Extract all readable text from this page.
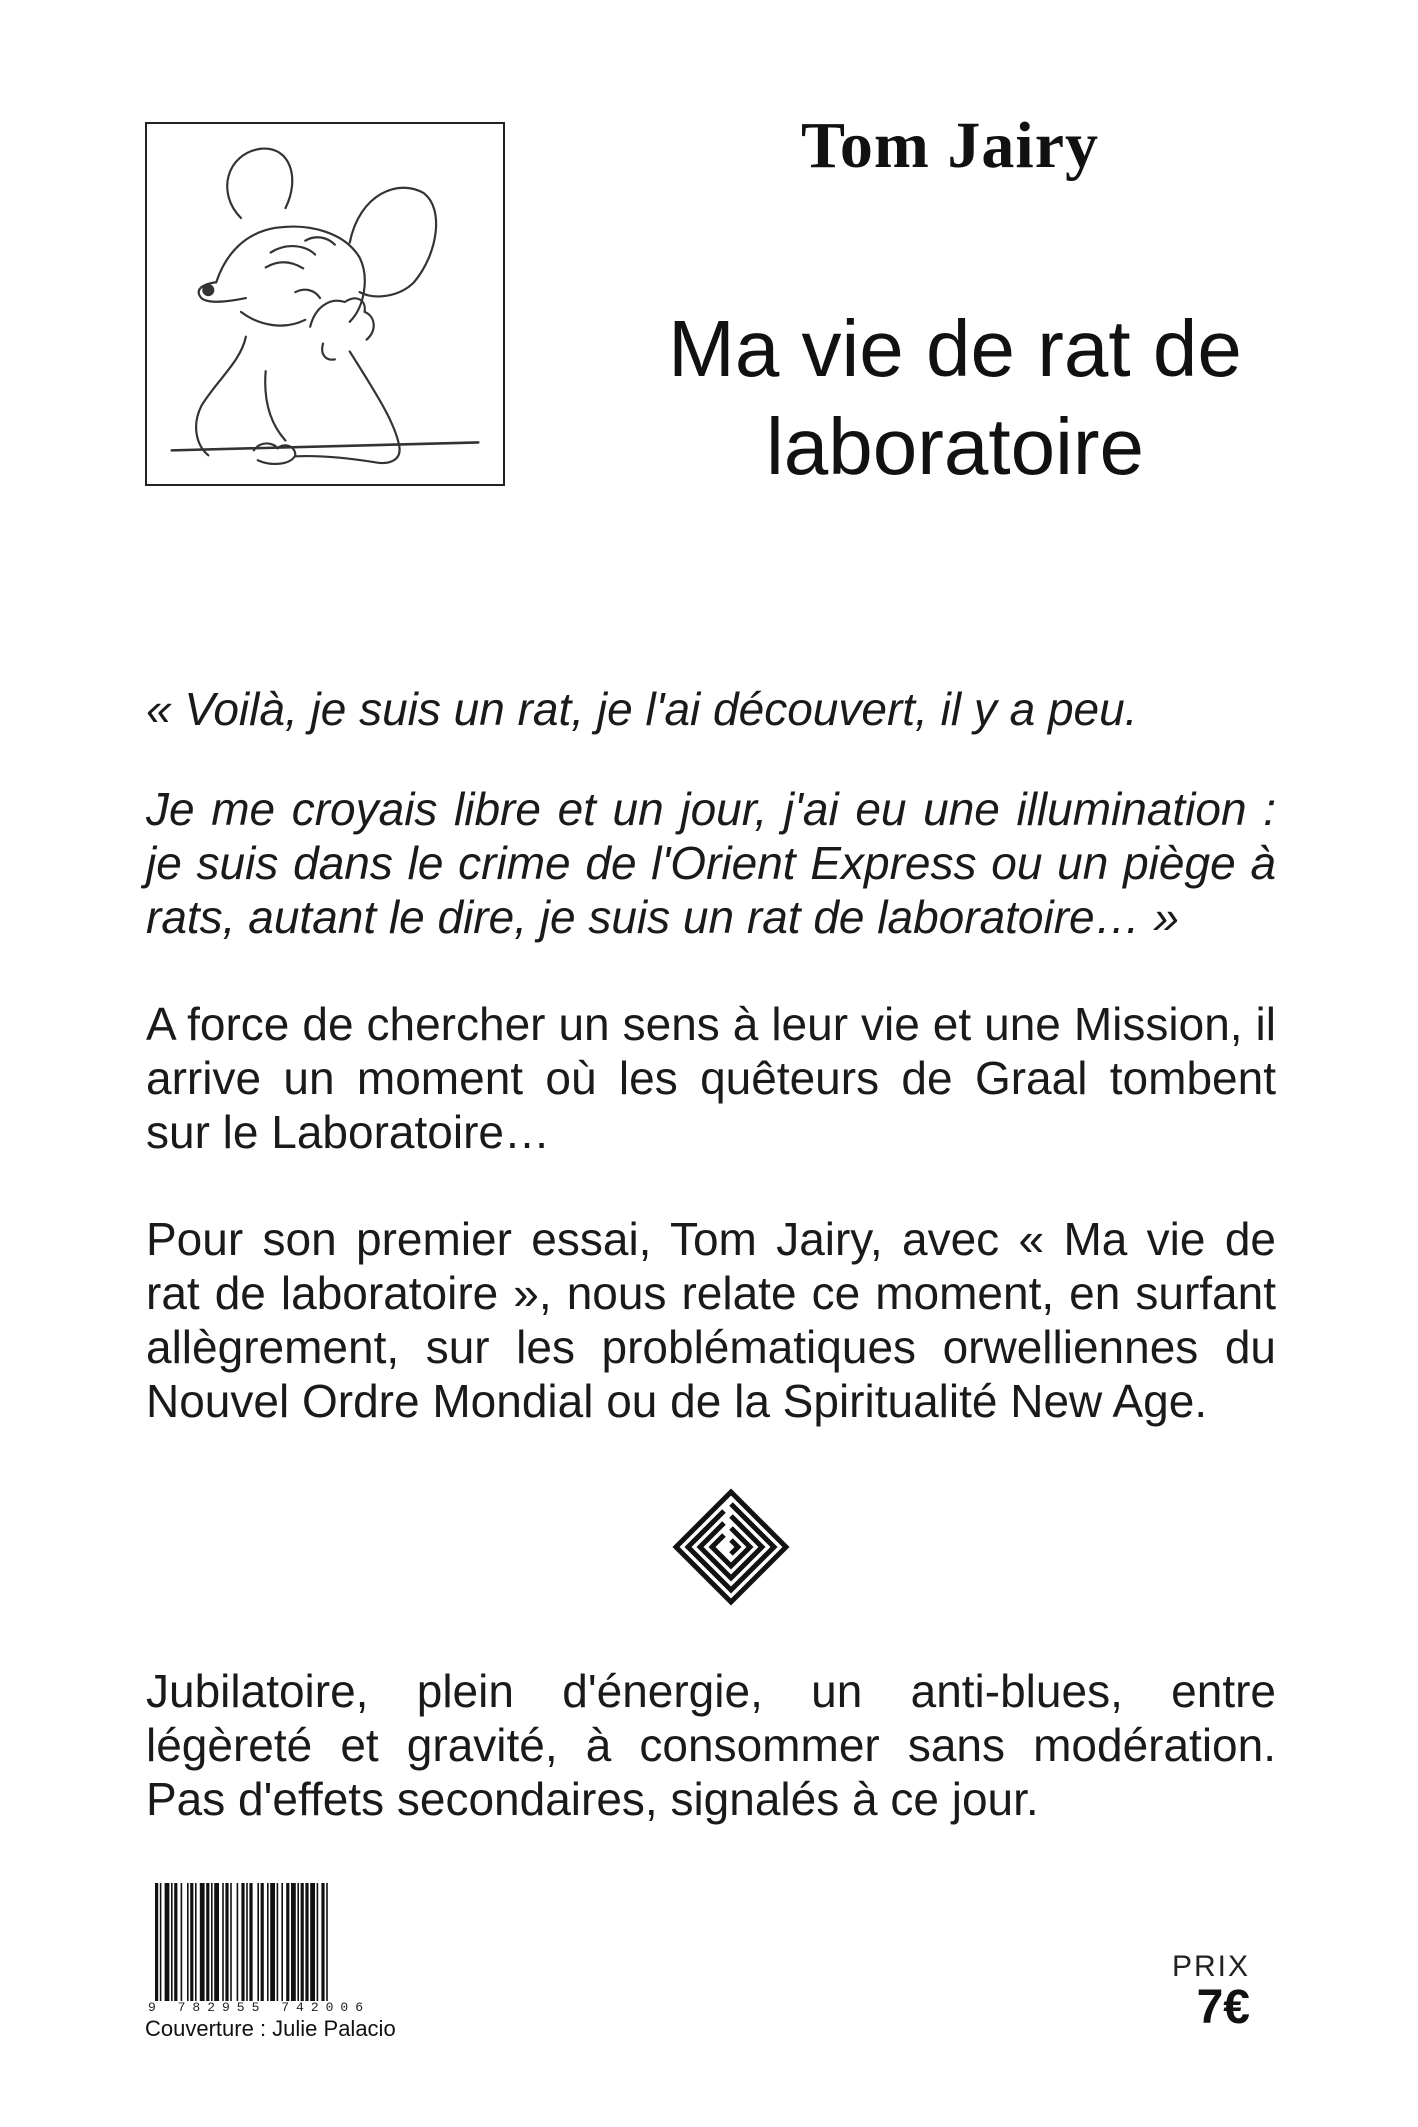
Tom Jairy
Ma vie de rat de laboratoire

« Voilà, je suis un rat, je l'ai découvert, il y a peu.

Je me croyais libre et un jour, j'ai eu une illumination : je suis dans le crime de l'Orient Express ou un piège à rats, autant le dire, je suis un rat de laboratoire… »

A force de chercher un sens à leur vie et une Mission, il arrive un moment où les quêteurs de Graal tombent sur le Laboratoire…

Pour son premier essai, Tom Jairy, avec « Ma vie de rat de laboratoire », nous relate ce moment, en surfant allègrement, sur les problématiques orwelliennes du Nouvel Ordre Mondial ou de la Spiritualité New Age.

Jubilatoire, plein d'énergie, un anti-blues, entre légèreté et gravité, à consommer sans modération. Pas d'effets secondaires, signalés à ce jour.

9 782955 742006
Couverture : Julie Palacio
PRIX
7€
